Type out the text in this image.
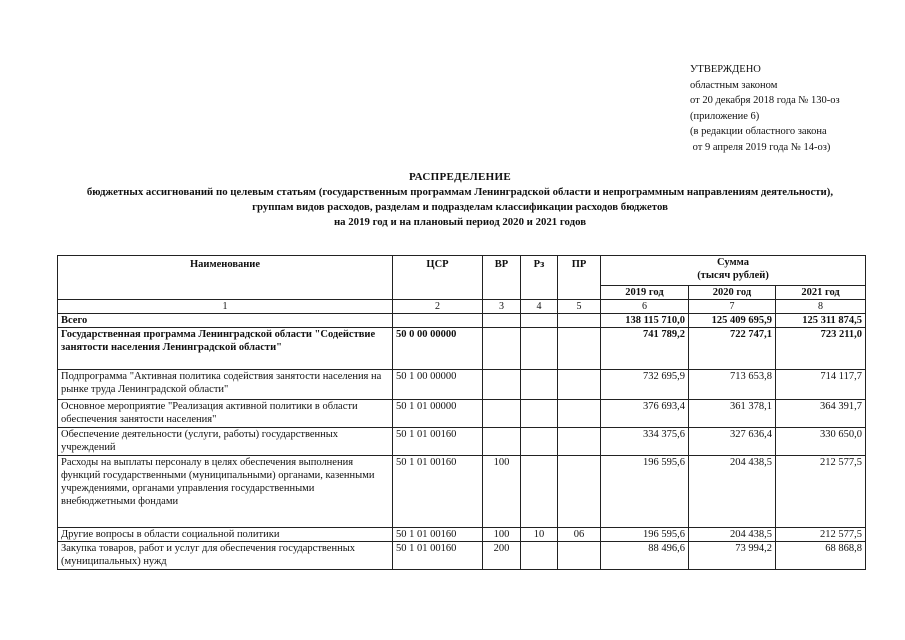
УТВЕРЖДЕНО
областным законом
от 20 декабря 2018 года № 130-оз
(приложение 6)
(в редакции областного закона
от 9 апреля 2019 года № 14-оз)
РАСПРЕДЕЛЕНИЕ
бюджетных ассигнований по целевым статьям (государственным программам Ленинградской области и непрограммным направлениям деятельности),
группам видов расходов, разделам и подразделам классификации расходов бюджетов
на 2019 год и на плановый период 2020 и 2021 годов
Наименование	ЦСР	ВР	Рз	ПР	Сумма
(тысяч рублей)		

					2019 год	2020 год	2021 год
1	2	3	4	5	6	7	8
Всего					138 115 710,0	125 409 695,9	125 311 874,5
Государственная программа Ленинградской области "Содействие занятости населения Ленинградской области"	50 0 00 00000				741 789,2	722 747,1	723 211,0
Подпрограмма "Активная политика содействия занятости населения на рынке труда Ленинградской области"	50 1 00 00000				732 695,9	713 653,8	714 117,7
Основное мероприятие "Реализация активной политики в области обеспечения занятости населения"	50 1 01 00000				376 693,4	361 378,1	364 391,7
Обеспечение деятельности (услуги, работы) государственных учреждений	50 1 01 00160				334 375,6	327 636,4	330 650,0
Расходы на выплаты персоналу в целях обеспечения выполнения функций государственными (муниципальными) органами, казенными учреждениями, органами управления государственными внебюджетными фондами	50 1 01 00160	100			196 595,6	204 438,5	212 577,5
Другие вопросы в области социальной политики	50 1 01 00160	100	10	06	196 595,6	204 438,5	212 577,5
Закупка товаров, работ и услуг для обеспечения государственных (муниципальных) нужд	50 1 01 00160	200			88 496,6	73 994,2	68 868,8
